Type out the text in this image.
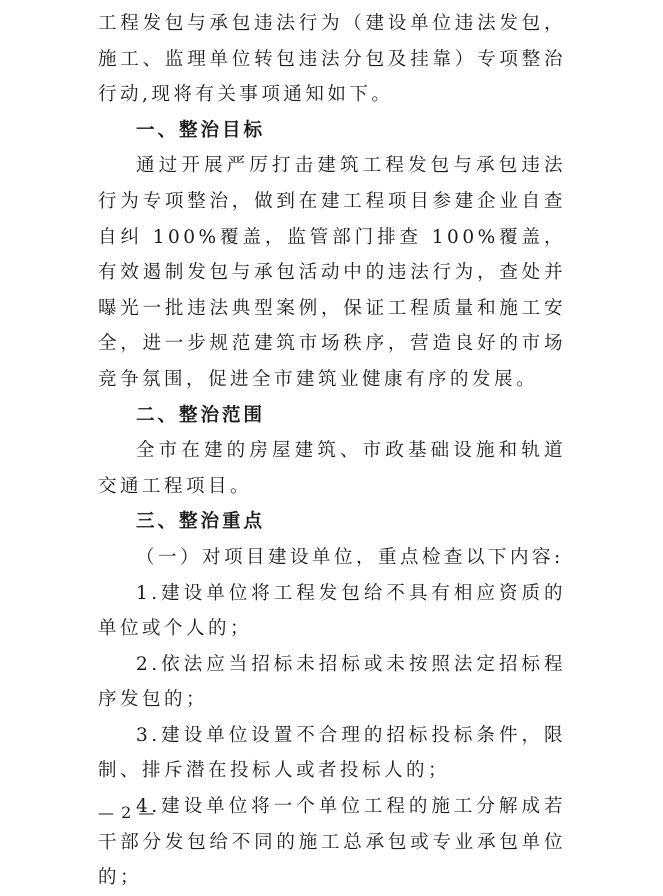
工程发包与承包违法行为（建设单位违法发包，施工、监理单位转包违法分包及挂靠）专项整治行动,现将有关事项通知如下。

一、整治目标

通过开展严厉打击建筑工程发包与承包违法行为专项整治，做到在建工程项目参建企业自查自纠 100%覆盖，监管部门排查 100%覆盖，有效遏制发包与承包活动中的违法行为，查处并曝光一批违法典型案例，保证工程质量和施工安全，进一步规范建筑市场秩序，营造良好的市场竞争氛围，促进全市建筑业健康有序的发展。

二、整治范围

全市在建的房屋建筑、市政基础设施和轨道交通工程项目。

三、整治重点

（一）对项目建设单位，重点检查以下内容:

1.建设单位将工程发包给不具有相应资质的单位或个人的；

2.依法应当招标未招标或未按照法定招标程序发包的；

3.建设单位设置不合理的招标投标条件，限制、排斥潜在投标人或者投标人的；

4.建设单位将一个单位工程的施工分解成若干部分发包给不同的施工总承包或专业承包单位的；

— 2 —
